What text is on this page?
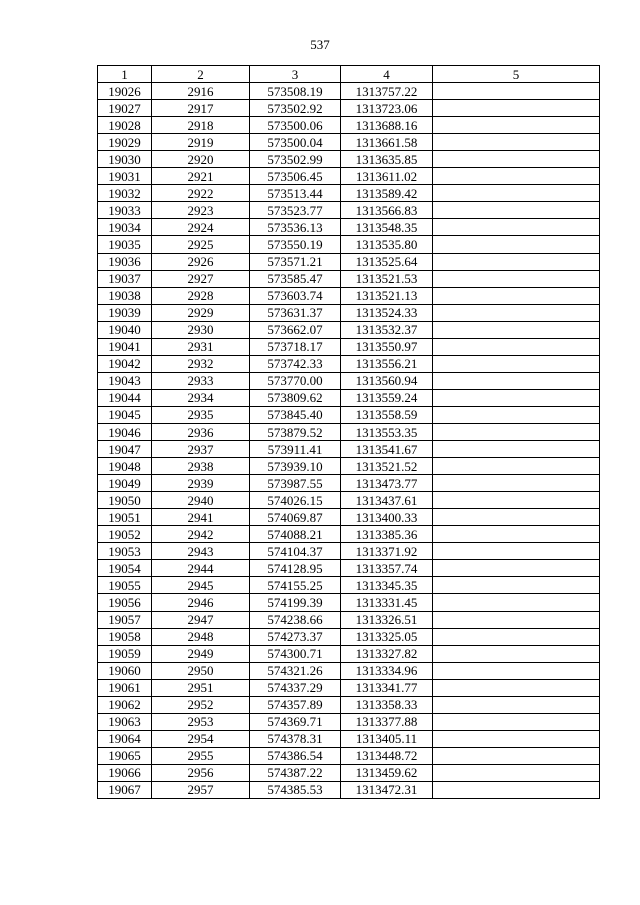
537
1	2	3	4	5
19026	2916	573508.19	1313757.22	
19027	2917	573502.92	1313723.06	
19028	2918	573500.06	1313688.16	
19029	2919	573500.04	1313661.58	
19030	2920	573502.99	1313635.85	
19031	2921	573506.45	1313611.02	
19032	2922	573513.44	1313589.42	
19033	2923	573523.77	1313566.83	
19034	2924	573536.13	1313548.35	
19035	2925	573550.19	1313535.80	
19036	2926	573571.21	1313525.64	
19037	2927	573585.47	1313521.53	
19038	2928	573603.74	1313521.13	
19039	2929	573631.37	1313524.33	
19040	2930	573662.07	1313532.37	
19041	2931	573718.17	1313550.97	
19042	2932	573742.33	1313556.21	
19043	2933	573770.00	1313560.94	
19044	2934	573809.62	1313559.24	
19045	2935	573845.40	1313558.59	
19046	2936	573879.52	1313553.35	
19047	2937	573911.41	1313541.67	
19048	2938	573939.10	1313521.52	
19049	2939	573987.55	1313473.77	
19050	2940	574026.15	1313437.61	
19051	2941	574069.87	1313400.33	
19052	2942	574088.21	1313385.36	
19053	2943	574104.37	1313371.92	
19054	2944	574128.95	1313357.74	
19055	2945	574155.25	1313345.35	
19056	2946	574199.39	1313331.45	
19057	2947	574238.66	1313326.51	
19058	2948	574273.37	1313325.05	
19059	2949	574300.71	1313327.82	
19060	2950	574321.26	1313334.96	
19061	2951	574337.29	1313341.77	
19062	2952	574357.89	1313358.33	
19063	2953	574369.71	1313377.88	
19064	2954	574378.31	1313405.11	
19065	2955	574386.54	1313448.72	
19066	2956	574387.22	1313459.62	
19067	2957	574385.53	1313472.31	
